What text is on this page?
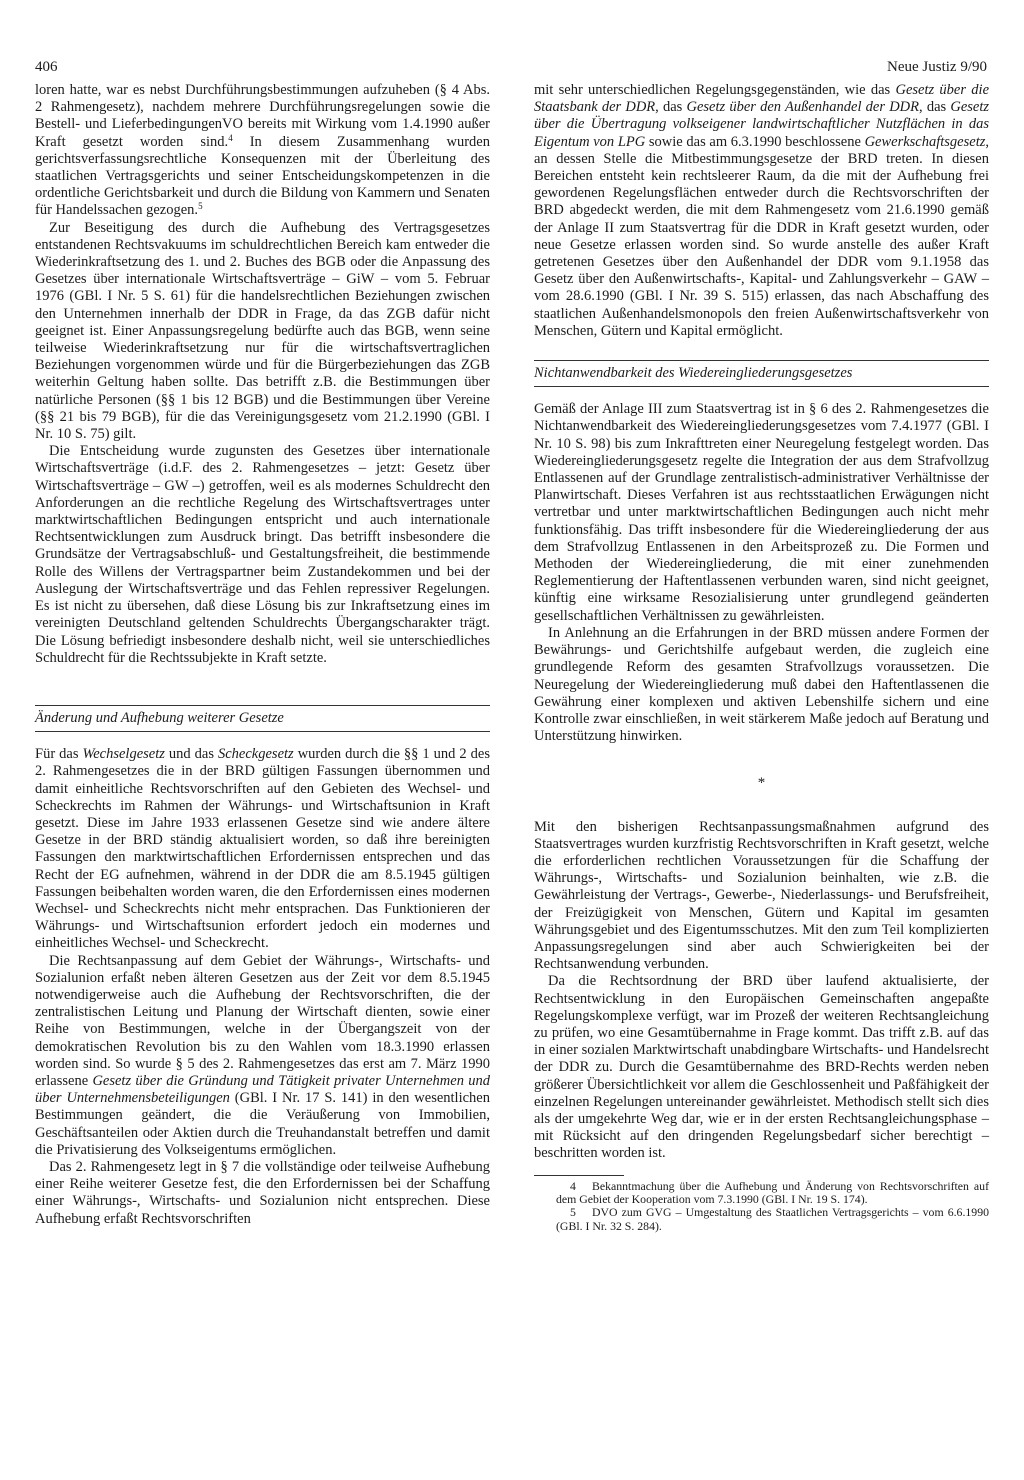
406	Neue Justiz 9/90

loren hatte, war es nebst Durchführungsbestimmungen aufzuheben (§ 4 Abs. 2 Rahmengesetz), nachdem mehrere Durchführungsregelungen sowie die Bestell- und LieferbedingungenVO bereits mit Wirkung vom 1.4.1990 außer Kraft gesetzt worden sind.$^4$ In diesem Zusammenhang wurden gerichtsverfassungsrechtliche Konsequenzen mit der Überleitung des staatlichen Vertragsgerichts und seiner Entscheidungskompetenzen in die ordentliche Gerichtsbarkeit und durch die Bildung von Kammern und Senaten für Handelssachen gezogen.$^5$

Zur Beseitigung des durch die Aufhebung des Vertragsgesetzes entstandenen Rechtsvakuums im schuldrechtlichen Bereich kam entweder die Wiederinkraftsetzung des 1. und 2. Buches des BGB oder die Anpassung des Gesetzes über internationale Wirtschaftsverträge – GiW – vom 5. Februar 1976 (GBl. I Nr. 5 S. 61) für die handelsrechtlichen Beziehungen zwischen den Unternehmen innerhalb der DDR in Frage, da das ZGB dafür nicht geeignet ist. Einer Anpassungsregelung bedürfte auch das BGB, wenn seine teilweise Wiederinkraftsetzung nur für die wirtschaftsvertraglichen Beziehungen vorgenommen würde und für die Bürgerbeziehungen das ZGB weiterhin Geltung haben sollte. Das betrifft z.B. die Bestimmungen über natürliche Personen (§§ 1 bis 12 BGB) und die Bestimmungen über Vereine (§§ 21 bis 79 BGB), für die das Vereinigungsgesetz vom 21.2.1990 (GBl. I Nr. 10 S. 75) gilt.

Die Entscheidung wurde zugunsten des Gesetzes über internationale Wirtschaftsverträge (i.d.F. des 2. Rahmengesetzes – jetzt: Gesetz über Wirtschaftsverträge – GW –) getroffen, weil es als modernes Schuldrecht den Anforderungen an die rechtliche Regelung des Wirtschaftsvertrages unter marktwirtschaftlichen Bedingungen entspricht und auch internationale Rechtsentwicklungen zum Ausdruck bringt. Das betrifft insbesondere die Grundsätze der Vertragsabschluß- und Gestaltungsfreiheit, die bestimmende Rolle des Willens der Vertragspartner beim Zustandekommen und bei der Auslegung der Wirtschaftsverträge und das Fehlen repressiver Regelungen. Es ist nicht zu übersehen, daß diese Lösung bis zur Inkraftsetzung eines im vereinigten Deutschland geltenden Schuldrechts Übergangscharakter trägt. Die Lösung befriedigt insbesondere deshalb nicht, weil sie unterschiedliches Schuldrecht für die Rechtssubjekte in Kraft setzte.

Änderung und Aufhebung weiterer Gesetze

Für das Wechselgesetz und das Scheckgesetz wurden durch die §§ 1 und 2 des 2. Rahmengesetzes die in der BRD gültigen Fassungen übernommen und damit einheitliche Rechtsvorschriften auf den Gebieten des Wechsel- und Scheckrechts im Rahmen der Währungs- und Wirtschaftsunion in Kraft gesetzt. Diese im Jahre 1933 erlassenen Gesetze sind wie andere ältere Gesetze in der BRD ständig aktualisiert worden, so daß ihre bereinigten Fassungen den marktwirtschaftlichen Erfordernissen entsprechen und das Recht der EG aufnehmen, während in der DDR die am 8.5.1945 gültigen Fassungen beibehalten worden waren, die den Erfordernissen eines modernen Wechsel- und Scheckrechts nicht mehr entsprachen. Das Funktionieren der Währungs- und Wirtschaftsunion erfordert jedoch ein modernes und einheitliches Wechsel- und Scheckrecht.

Die Rechtsanpassung auf dem Gebiet der Währungs-, Wirtschafts- und Sozialunion erfaßt neben älteren Gesetzen aus der Zeit vor dem 8.5.1945 notwendigerweise auch die Aufhebung der Rechtsvorschriften, die der zentralistischen Leitung und Planung der Wirtschaft dienten, sowie einer Reihe von Bestimmungen, welche in der Übergangszeit von der demokratischen Revolution bis zu den Wahlen vom 18.3.1990 erlassen worden sind. So wurde § 5 des 2. Rahmengesetzes das erst am 7. März 1990 erlassene Gesetz über die Gründung und Tätigkeit privater Unternehmen und über Unternehmensbeteiligungen (GBl. I Nr. 17 S. 141) in den wesentlichen Bestimmungen geändert, die die Veräußerung von Immobilien, Geschäftsanteilen oder Aktien durch die Treuhandanstalt betreffen und damit die Privatisierung des Volkseigentums ermöglichen.

Das 2. Rahmengesetz legt in § 7 die vollständige oder teilweise Aufhebung einer Reihe weiterer Gesetze fest, die den Erfordernissen bei der Schaffung einer Währungs-, Wirtschafts- und Sozialunion nicht entsprechen. Diese Aufhebung erfaßt Rechtsvorschriften

mit sehr unterschiedlichen Regelungsgegenständen, wie das Gesetz über die Staatsbank der DDR, das Gesetz über den Außenhandel der DDR, das Gesetz über die Übertragung volkseigener landwirtschaftlicher Nutzflächen in das Eigentum von LPG sowie das am 6.3.1990 beschlossene Gewerkschaftsgesetz, an dessen Stelle die Mitbestimmungsgesetze der BRD treten. In diesen Bereichen entsteht kein rechtsleerer Raum, da die mit der Aufhebung frei gewordenen Regelungsflächen entweder durch die Rechtsvorschriften der BRD abgedeckt werden, die mit dem Rahmengesetz vom 21.6.1990 gemäß der Anlage II zum Staatsvertrag für die DDR in Kraft gesetzt wurden, oder neue Gesetze erlassen worden sind. So wurde anstelle des außer Kraft getretenen Gesetzes über den Außenhandel der DDR vom 9.1.1958 das Gesetz über den Außenwirtschafts-, Kapital- und Zahlungsverkehr – GAW – vom 28.6.1990 (GBl. I Nr. 39 S. 515) erlassen, das nach Abschaffung des staatlichen Außenhandelsmonopols den freien Außenwirtschaftsverkehr von Menschen, Gütern und Kapital ermöglicht.

Nichtanwendbarkeit des Wiedereingliederungsgesetzes

Gemäß der Anlage III zum Staatsvertrag ist in § 6 des 2. Rahmengesetzes die Nichtanwendbarkeit des Wiedereingliederungsgesetzes vom 7.4.1977 (GBl. I Nr. 10 S. 98) bis zum Inkrafttreten einer Neuregelung festgelegt worden. Das Wiedereingliederungsgesetz regelte die Integration der aus dem Strafvollzug Entlassenen auf der Grundlage zentralistisch-administrativer Verhältnisse der Planwirtschaft. Dieses Verfahren ist aus rechtsstaatlichen Erwägungen nicht vertretbar und unter marktwirtschaftlichen Bedingungen auch nicht mehr funktionsfähig. Das trifft insbesondere für die Wiedereingliederung der aus dem Strafvollzug Entlassenen in den Arbeitsprozeß zu. Die Formen und Methoden der Wiedereingliederung, die mit einer zunehmenden Reglementierung der Haftentlassenen verbunden waren, sind nicht geeignet, künftig eine wirksame Resozialisierung unter grundlegend geänderten gesellschaftlichen Verhältnissen zu gewährleisten.

In Anlehnung an die Erfahrungen in der BRD müssen andere Formen der Bewährungs- und Gerichtshilfe aufgebaut werden, die zugleich eine grundlegende Reform des gesamten Strafvollzugs voraussetzen. Die Neuregelung der Wiedereingliederung muß dabei den Haftentlassenen die Gewährung einer komplexen und aktiven Lebenshilfe sichern und eine Kontrolle zwar einschließen, in weit stärkerem Maße jedoch auf Beratung und Unterstützung hinwirken.

*

Mit den bisherigen Rechtsanpassungsmaßnahmen aufgrund des Staatsvertrages wurden kurzfristig Rechtsvorschriften in Kraft gesetzt, welche die erforderlichen rechtlichen Voraussetzungen für die Schaffung der Währungs-, Wirtschafts- und Sozialunion beinhalten, wie z.B. die Gewährleistung der Vertrags-, Gewerbe-, Niederlassungs- und Berufsfreiheit, der Freizügigkeit von Menschen, Gütern und Kapital im gesamten Währungsgebiet und des Eigentumsschutzes. Mit den zum Teil komplizierten Anpassungsregelungen sind aber auch Schwierigkeiten bei der Rechtsanwendung verbunden.

Da die Rechtsordnung der BRD über laufend aktualisierte, der Rechtsentwicklung in den Europäischen Gemeinschaften angepaßte Regelungskomplexe verfügt, war im Prozeß der weiteren Rechtsangleichung zu prüfen, wo eine Gesamtübernahme in Frage kommt. Das trifft z.B. auf das in einer sozialen Marktwirtschaft unabdingbare Wirtschafts- und Handelsrecht der DDR zu. Durch die Gesamtübernahme des BRD-Rechts werden neben größerer Übersichtlichkeit vor allem die Geschlossenheit und Paßfähigkeit der einzelnen Regelungen untereinander gewährleistet. Methodisch stellt sich dies als der umgekehrte Weg dar, wie er in der ersten Rechtsangleichungsphase – mit Rücksicht auf den dringenden Regelungsbedarf sicher berechtigt – beschritten worden ist.

4 Bekanntmachung über die Aufhebung und Änderung von Rechtsvorschriften auf dem Gebiet der Kooperation vom 7.3.1990 (GBl. I Nr. 19 S. 174).

5 DVO zum GVG – Umgestaltung des Staatlichen Vertragsgerichts – vom 6.6.1990 (GBl. I Nr. 32 S. 284).
